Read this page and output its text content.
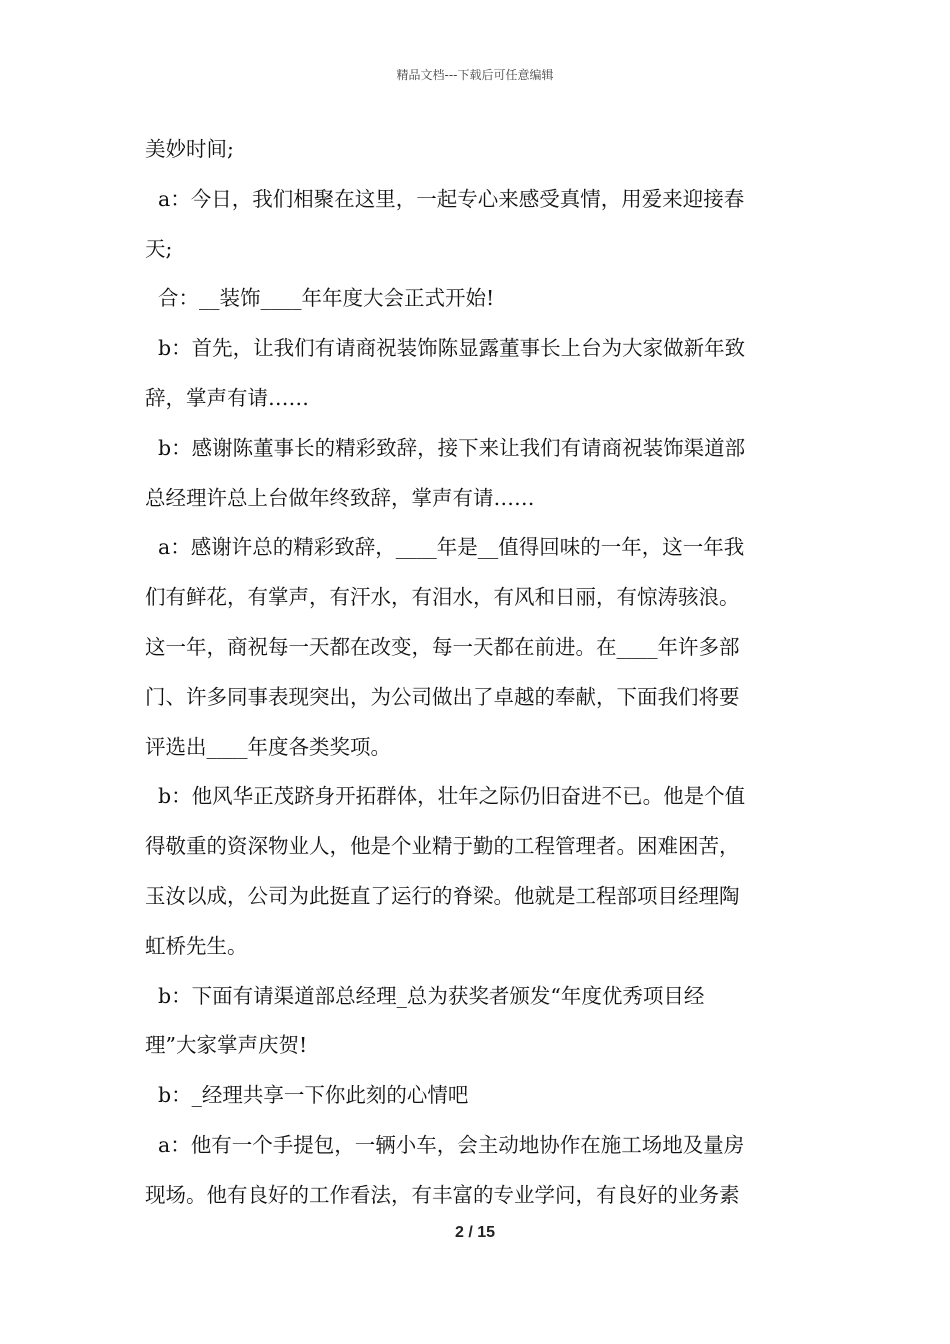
精品文档---下载后可任意编辑
美妙时间;
a：今日，我们相聚在这里，一起专心来感受真情，用爱来迎接春
天;
合：__装饰____年年度大会正式开始!
b：首先，让我们有请商祝装饰陈显露董事长上台为大家做新年致
辞，掌声有请……
b：感谢陈董事长的精彩致辞，接下来让我们有请商祝装饰渠道部
总经理许总上台做年终致辞，掌声有请……
a：感谢许总的精彩致辞，____年是__值得回味的一年，这一年我
们有鲜花，有掌声，有汗水，有泪水，有风和日丽，有惊涛骇浪。
这一年，商祝每一天都在改变，每一天都在前进。在____年许多部
门、许多同事表现突出，为公司做出了卓越的奉献，下面我们将要
评选出____年度各类奖项。
b：他风华正茂跻身开拓群体，壮年之际仍旧奋进不已。他是个值
得敬重的资深物业人，他是个业精于勤的工程管理者。困难困苦，
玉汝以成，公司为此挺直了运行的脊梁。他就是工程部项目经理陶
虹桥先生。
b：下面有请渠道部总经理_总为获奖者颁发“年度优秀项目经
理”大家掌声庆贺!
b：_经理共享一下你此刻的心情吧
a：他有一个手提包，一辆小车，会主动地协作在施工场地及量房
现场。他有良好的工作看法，有丰富的专业学问，有良好的业务素
2 / 15
